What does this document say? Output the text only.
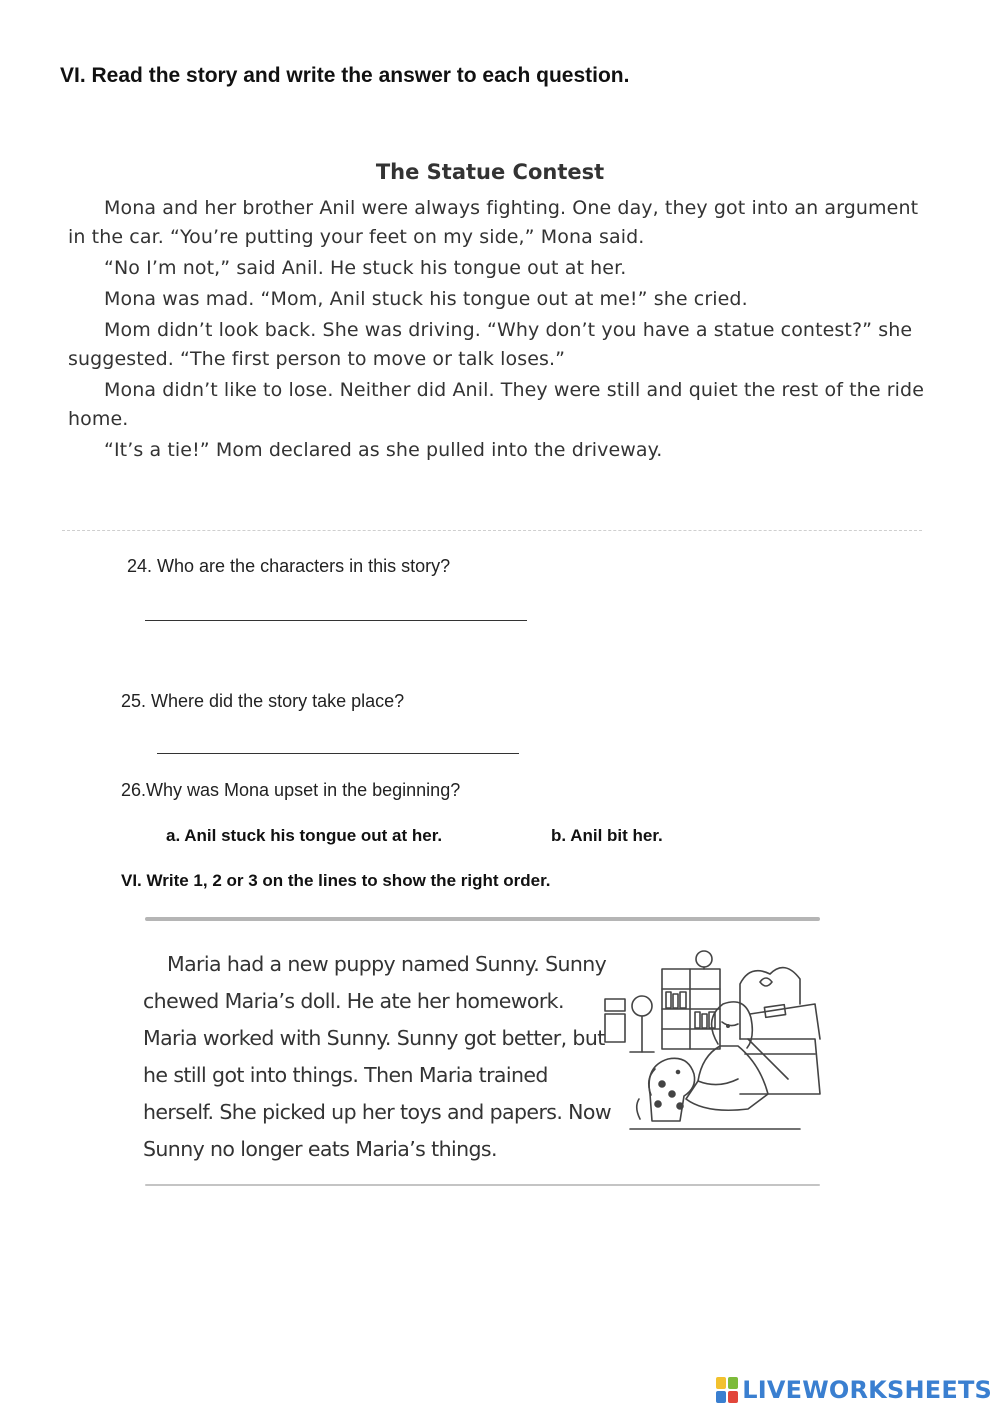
VI. Read the story and write the answer to each question.
The Statue Contest

Mona and her brother Anil were always fighting. One day, they got into an argument in the car. “You’re putting your feet on my side,” Mona said.

“No I’m not,” said Anil. He stuck his tongue out at her.

Mona was mad. “Mom, Anil stuck his tongue out at me!” she cried.

Mom didn’t look back. She was driving. “Why don’t you have a statue contest?” she suggested. “The first person to move or talk loses.”

Mona didn’t like to lose. Neither did Anil. They were still and quiet the rest of the ride home.

“It’s a tie!” Mom declared as she pulled into the driveway.

24. Who are the characters in this story?
25. Where did the story take place?
26.Why was Mona upset in the beginning?
a. Anil stuck his tongue out at her.	b. Anil bit her.
VI. Write 1, 2 or 3 on the lines to show the right order.

Maria had a new puppy named Sunny. Sunny chewed Maria’s doll. He ate her homework. Maria worked with Sunny. Sunny got better, but he still got into things. Then Maria trained herself. She picked up her toys and papers. Now Sunny no longer eats Maria’s things.

LIVEWORKSHEETS
